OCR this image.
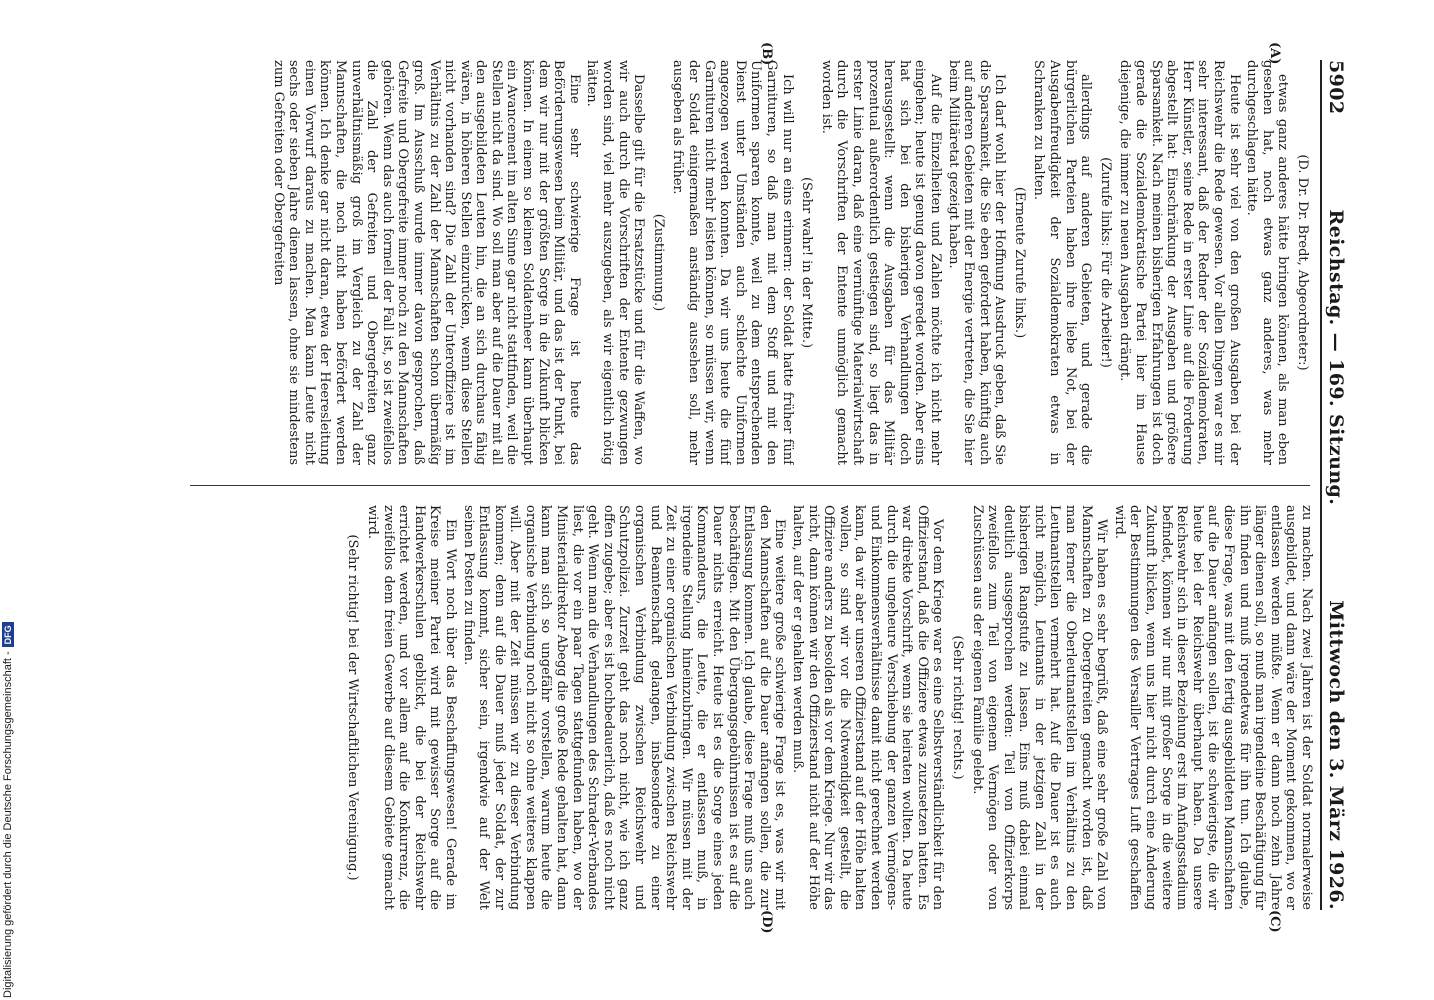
Digitalisierung gefördert durch die Deutsche Forschungsgemeinschaft -
DFG
5902
Reichstag. — 169. Sitzung.
Mittwoch den 3. März 1926.
(A)
(B)
(C)
(D)

(D. Dr. Dr. Bredt, Abgeordneter:)

etwas ganz anderes hätte bringen können, als man eben gesehen hat, noch etwas ganz anderes, was mehr durchgeschlagen hätte.

Heute ist sehr viel von den großen Ausgaben bei der Reichswehr die Rede gewesen. Vor allen Dingen war es mir sehr interessant, daß der Redner der Sozialdemokraten, Herr Künstler, seine Rede in erster Linie auf die Forderung abgestellt hat: Einschränkung der Ausgaben und größere Sparsamkeit. Nach meinen bisherigen Erfahrungen ist doch gerade die Sozialdemokratische Partei hier im Hause diejenige, die immer zu neuen Ausgaben drängt.

(Zurufe links: Für die Arbeiter!)

allerdings auf anderen Gebieten, und gerade die bürgerlichen Parteien haben ihre liebe Not, bei der Ausgabenfreudigkeit der Sozialdemokraten etwas in Schranken zu halten.

(Erneute Zurufe links.)

Ich darf wohl hier der Hoffnung Ausdruck geben, daß Sie die Sparsamkeit, die Sie eben gefordert haben, künftig auch auf anderen Gebieten mit der Energie vertreten, die Sie hier beim Militäretat gezeigt haben.

Auf die Einzelheiten und Zahlen möchte ich nicht mehr eingehen; heute ist genug davon geredet worden. Aber eins hat sich bei den bisherigen Verhandlungen doch herausgestellt: wenn die Ausgaben für das Militär prozentual außerordentlich gestiegen sind, so liegt das in erster Linie daran, daß eine vernünftige Materialwirtschaft durch die Vorschriften der Entente unmöglich gemacht worden ist.

(Sehr wahr! in der Mitte.)

Ich will nur an eins erinnern: der Soldat hatte früher fünf Garnituren, so daß man mit dem Stoff und mit den Uniformen sparen konnte, weil zu dem entsprechenden Dienst unter Umständen auch schlechte Uniformen angezogen werden konnten. Da wir uns heute die fünf Garnituren nicht mehr leisten können, so müssen wir, wenn der Soldat einigermaßen anständig aussehen soll, mehr ausgeben als früher.

(Zustimmung.)

Dasselbe gilt für die Ersatzstücke und für die Waffen, wo wir auch durch die Vorschriften der Entente gezwungen worden sind, viel mehr auszugeben, als wir eigentlich nötig hätten.

Eine sehr schwierige Frage ist heute das Beförderungswesen beim Militär, und das ist der Punkt, bei dem wir nur mit der größten Sorge in die Zukunft blicken können. In einem so kleinen Soldatenheer kann überhaupt ein Avancement im alten Sinne gar nicht stattfinden, weil die Stellen nicht da sind. Wo soll man aber auf die Dauer mit all den ausgebildeten Leuten hin, die an sich durchaus fähig wären, in höheren Stellen einzurücken, wenn diese Stellen nicht vorhanden sind? Die Zahl der Unteroffiziere ist im Verhältnis zu der Zahl der Mannschaften schon übermäßig groß. Im Ausschuß wurde immer davon gesprochen, daß Gefreite und Obergefreite immer noch zu den Mannschaften gehören. Wenn das auch formell der Fall ist, so ist zweifellos die Zahl der Gefreiten und Obergefreiten ganz unverhältnismäßig groß im Vergleich zu der Zahl der Mannschaften, die noch nicht haben befördert werden können. Ich denke gar nicht daran, etwa der Heeresleitung einen Vorwurf daraus zu machen. Man kann Leute nicht sechs oder sieben Jahre dienen lassen, ohne sie mindestens zum Gefreiten oder Obergefreiten

zu machen. Nach zwei Jahren ist der Soldat normalerweise ausgebildet, und dann wäre der Moment gekommen, wo er entlassen werden müßte. Wenn er dann noch zehn Jahre länger dienen soll, so muß man irgendeine Beschäftigung für ihn finden und muß irgendetwas für ihn tun. Ich glaube, diese Frage, was mit den fertig ausgebildeten Mannschaften auf die Dauer anfangen sollen, ist die schwierigste, die wir heute bei der Reichswehr überhaupt haben. Da unsere Reichswehr sich in dieser Beziehung erst im Anfangsstadium befindet, können wir nur mit großer Sorge in die weitere Zukunft blicken, wenn uns hier nicht durch eine Änderung der Bestimmungen des Versailler Vertrages Luft geschaffen wird.

Wir haben es sehr begrüßt, daß eine sehr große Zahl von Mannschaften zu Obergefreiten gemacht worden ist, daß man ferner die Oberleutnantstellen im Verhältnis zu den Leutnantstellen vermehrt hat. Auf die Dauer ist es auch nicht möglich, Leutnants in der jetzigen Zahl in der bisherigen Rangstufe zu lassen. Eins muß dabei einmal deutlich ausgesprochen werden: Teil von Offizierkorps zweifellos zum Teil von eigenem Vermögen oder von Zuschüssen aus der eigenen Familie gelebt.

(Sehr richtig! rechts.)

Vor dem Kriege war es eine Selbstverständlichkeit für den Offizierstand, daß die Offiziere etwas zuzusetzen hatten. Es war direkte Vorschrift, wenn sie heiraten wollten. Da heute durch die ungeheure Verschiebung der ganzen Vermögens- und Einkommensverhältnisse damit nicht gerechnet werden kann, da wir aber unseren Offizierstand auf der Höhe halten wollen, so sind wir vor die Notwendigkeit gestellt, die Offiziere anders zu besolden als vor dem Kriege. Nur wir das nicht, dann können wir den Offizierstand nicht auf der Höhe halten, auf der er gehalten werden muß.

Eine weitere große schwierige Frage ist es, was wir mit den Mannschaften auf die Dauer anfangen sollen, die zur Entlassung kommen. Ich glaube, diese Frage muß uns auch beschäftigen. Mit den Übergangsgebührnissen ist es auf die Dauer nichts erreicht. Heute ist es die Sorge eines jeden Kommandeurs, die Leute, die er entlassen muß, in irgendeine Stellung hineinzubringen. Wir müssen mit der Zeit zu einer organischen Verbindung zwischen Reichswehr und Beamtenschaft gelangen, insbesondere zu einer organischen Verbindung zwischen Reichswehr und Schutzpolizei. Zurzeit geht das noch nicht, wie ich ganz offen zugebe; aber es ist hochbedauerlich, daß es noch nicht geht. Wenn man die Verhandlungen des Schrader-Verbandes liest, die vor ein paar Tagen stattgefunden haben, wo der Ministerialdirektor Abegg die große Rede gehalten hat, dann kann man sich so ungefähr vorstellen, warum heute die organische Verbindung noch nicht so ohne weiteres klappen will. Aber mit der Zeit müssen wir zu dieser Verbindung kommen; denn auf die Dauer muß jeder Soldat, der zur Entlassung kommt, sicher sein, irgendwie auf der Welt seinen Posten zu finden.

Ein Wort noch über das Beschaffungswesen! Gerade im Kreise meiner Partei wird mit gewisser Sorge auf die Handwerkerschulen geblickt, die bei der Reichswehr errichtet werden, und vor allem auf die Konkurrenz, die zweifellos dem freien Gewerbe auf diesem Gebiete gemacht wird.

(Sehr richtig! bei der Wirtschaftlichen Vereinigung.)
